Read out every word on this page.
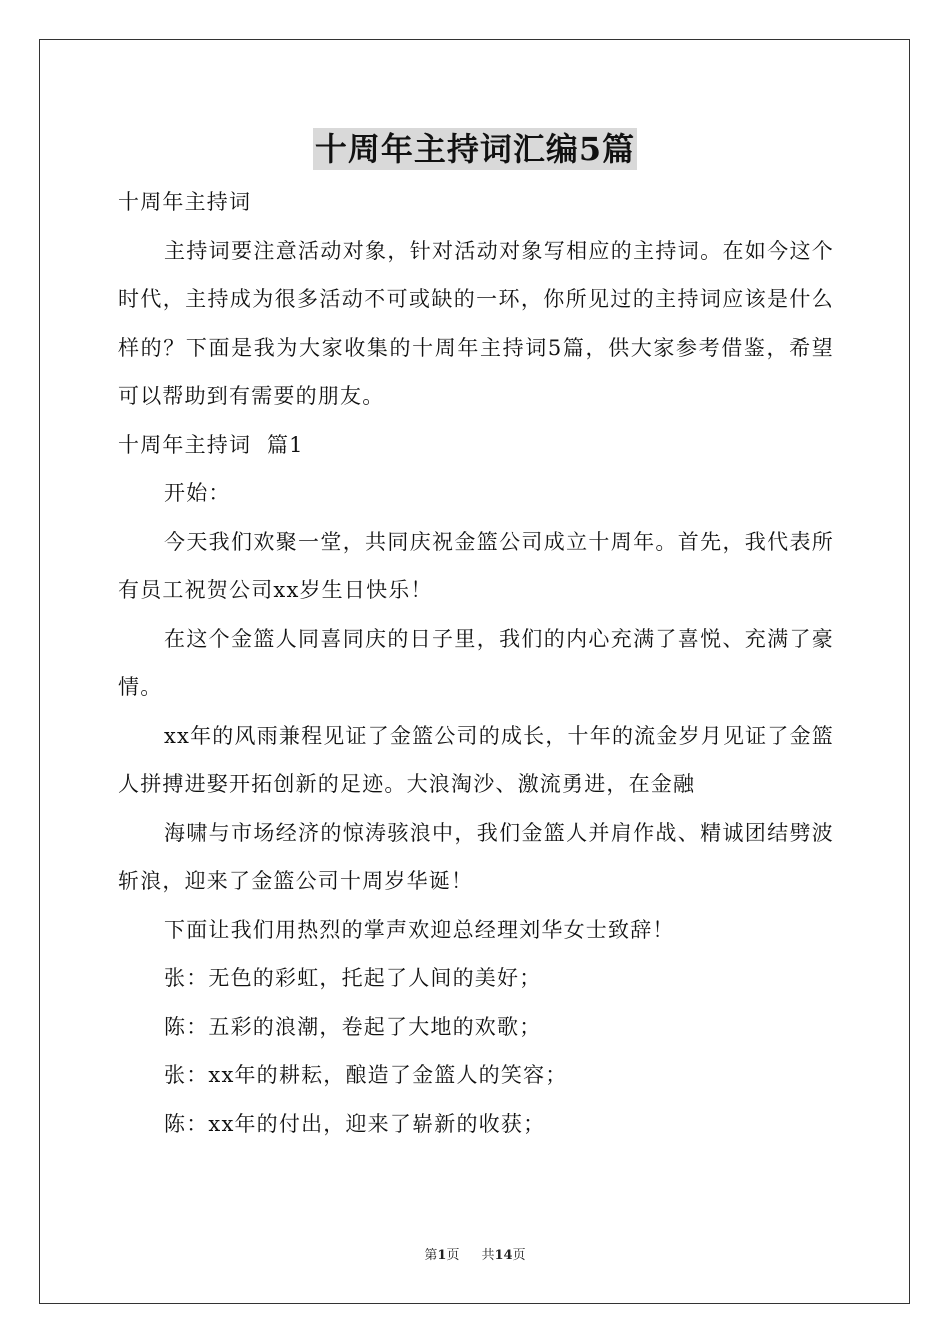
十周年主持词汇编5篇

十周年主持词

主持词要注意活动对象，针对活动对象写相应的主持词。在如今这个时代，主持成为很多活动不可或缺的一环，你所见过的主持词应该是什么样的？下面是我为大家收集的十周年主持词5篇，供大家参考借鉴，希望可以帮助到有需要的朋友。

十周年主持词  篇1

开始：

今天我们欢聚一堂，共同庆祝金篮公司成立十周年。首先，我代表所有员工祝贺公司xx岁生日快乐！

在这个金篮人同喜同庆的日子里，我们的内心充满了喜悦、充满了豪情。

xx年的风雨兼程见证了金篮公司的成长，十年的流金岁月见证了金篮人拼搏进娶开拓创新的足迹。大浪淘沙、激流勇进，在金融

海啸与市场经济的惊涛骇浪中，我们金篮人并肩作战、精诚团结劈波斩浪，迎来了金篮公司十周岁华诞！

下面让我们用热烈的掌声欢迎总经理刘华女士致辞！

张：无色的彩虹，托起了人间的美好；

陈：五彩的浪潮，卷起了大地的欢歌；

张：xx年的耕耘，酿造了金篮人的笑容；

陈：xx年的付出，迎来了崭新的收获；

第1页 共14页
